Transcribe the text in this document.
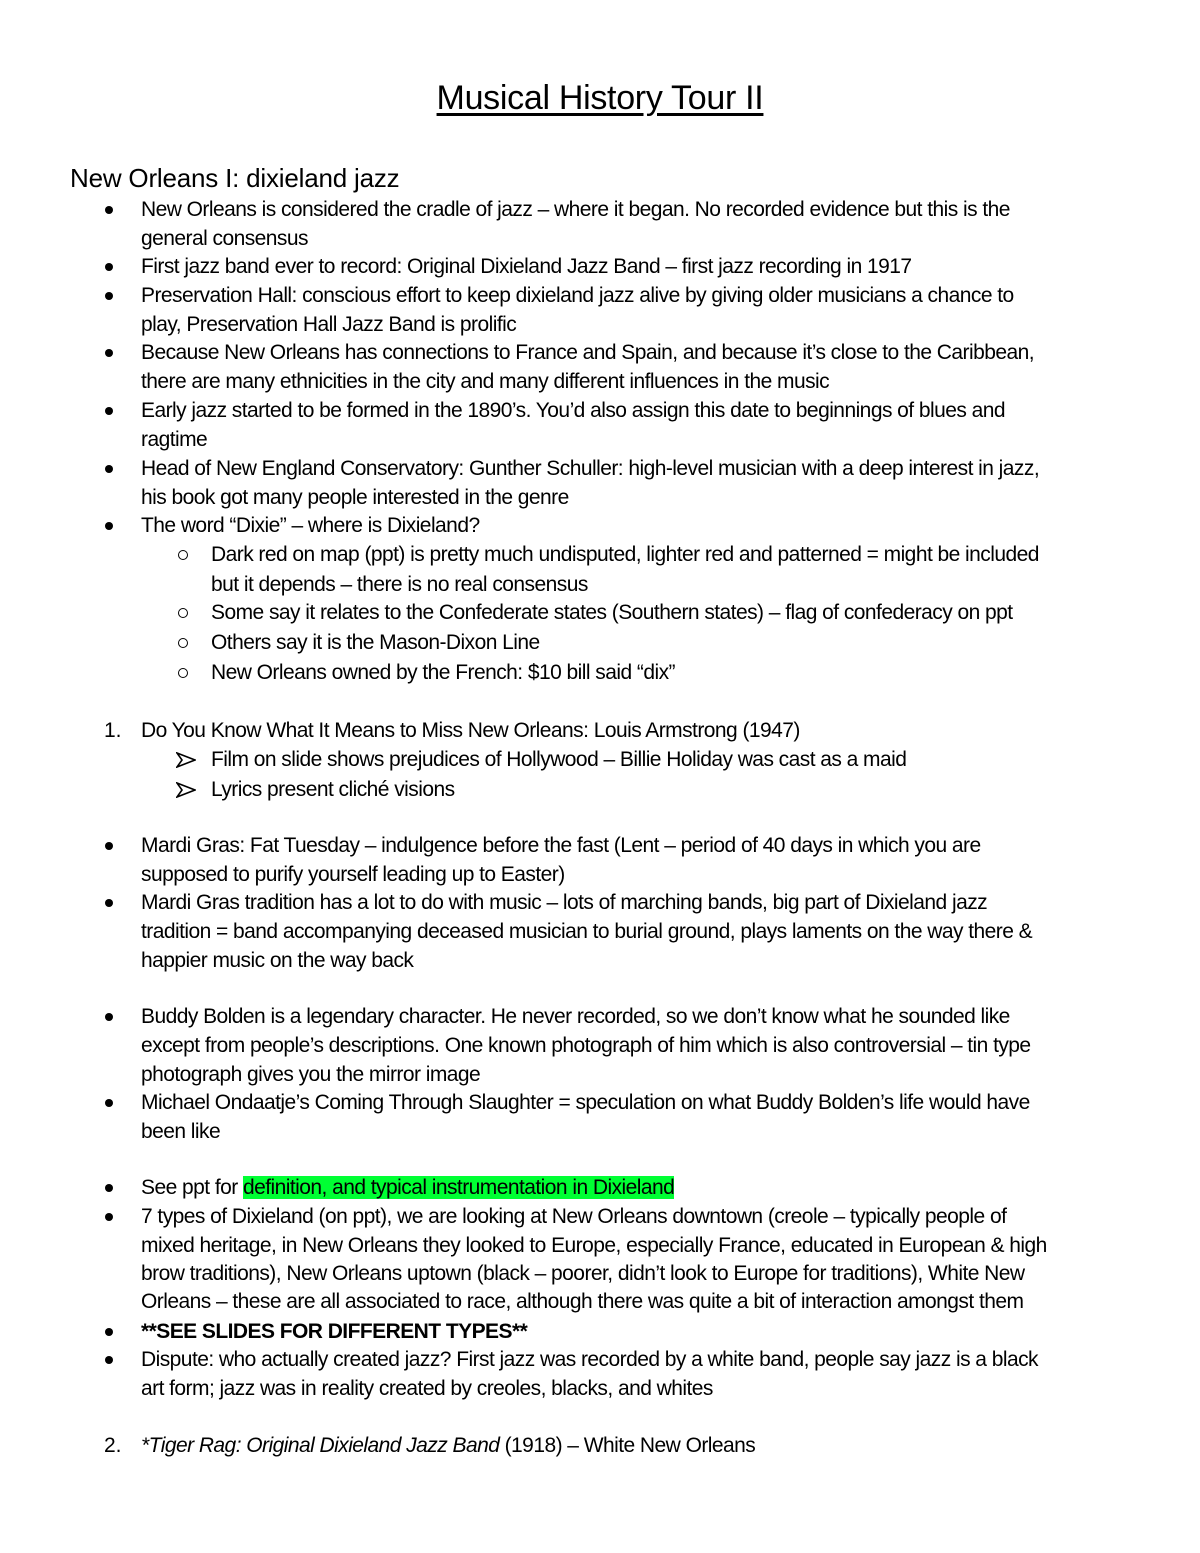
Musical History Tour II
New Orleans I: dixieland jazz
New Orleans is considered the cradle of jazz – where it began. No recorded evidence but this is the
general consensus
First jazz band ever to record: Original Dixieland Jazz Band – first jazz recording in 1917
Preservation Hall: conscious effort to keep dixieland jazz alive by giving older musicians a chance to
play, Preservation Hall Jazz Band is prolific
Because New Orleans has connections to France and Spain, and because it’s close to the Caribbean,
there are many ethnicities in the city and many different influences in the music
Early jazz started to be formed in the 1890’s. You’d also assign this date to beginnings of blues and
ragtime
Head of New England Conservatory: Gunther Schuller: high-level musician with a deep interest in jazz,
his book got many people interested in the genre
The word “Dixie” – where is Dixieland?
Dark red on map (ppt) is pretty much undisputed, lighter red and patterned = might be included
but it depends – there is no real consensus
Some say it relates to the Confederate states (Southern states) – flag of confederacy on ppt
Others say it is the Mason-Dixon Line
New Orleans owned by the French: $10 bill said “dix”
1. Do You Know What It Means to Miss New Orleans: Louis Armstrong (1947)
Film on slide shows prejudices of Hollywood – Billie Holiday was cast as a maid
Lyrics present cliché visions
Mardi Gras: Fat Tuesday – indulgence before the fast (Lent – period of 40 days in which you are
supposed to purify yourself leading up to Easter)
Mardi Gras tradition has a lot to do with music – lots of marching bands, big part of Dixieland jazz
tradition = band accompanying deceased musician to burial ground, plays laments on the way there &
happier music on the way back
Buddy Bolden is a legendary character. He never recorded, so we don’t know what he sounded like
except from people’s descriptions. One known photograph of him which is also controversial – tin type
photograph gives you the mirror image
Michael Ondaatje’s Coming Through Slaughter = speculation on what Buddy Bolden’s life would have
been like
See ppt for definition, and typical instrumentation in Dixieland
7 types of Dixieland (on ppt), we are looking at New Orleans downtown (creole – typically people of
mixed heritage, in New Orleans they looked to Europe, especially France, educated in European & high
brow traditions), New Orleans uptown (black – poorer, didn’t look to Europe for traditions), White New
Orleans – these are all associated to race, although there was quite a bit of interaction amongst them
**SEE SLIDES FOR DIFFERENT TYPES**
Dispute: who actually created jazz? First jazz was recorded by a white band, people say jazz is a black
art form; jazz was in reality created by creoles, blacks, and whites
2. *Tiger Rag: Original Dixieland Jazz Band (1918) – White New Orleans
